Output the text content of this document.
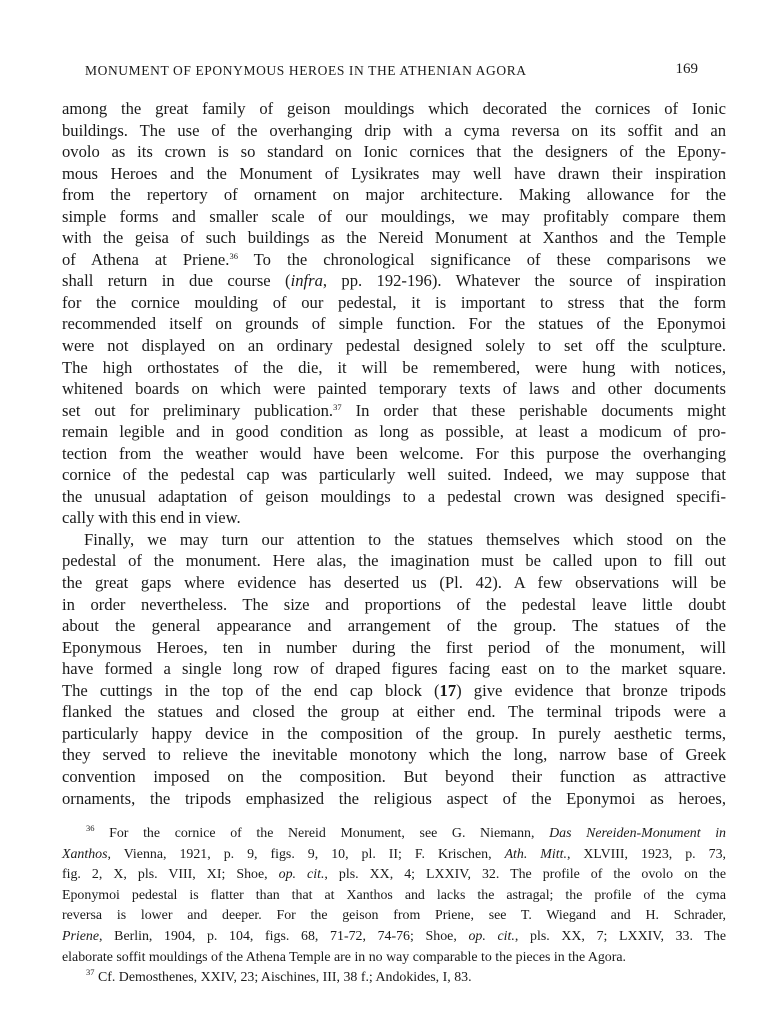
MONUMENT OF EPONYMOUS HEROES IN THE ATHENIAN AGORA	169
among the great family of geison mouldings which decorated the cornices of Ionic
buildings. The use of the overhanging drip with a cyma reversa on its soffit and an
ovolo as its crown is so standard on Ionic cornices that the designers of the Epony-
mous Heroes and the Monument of Lysikrates may well have drawn their inspiration
from the repertory of ornament on major architecture. Making allowance for the
simple forms and smaller scale of our mouldings, we may profitably compare them
with the geisa of such buildings as the Nereid Monument at Xanthos and the Temple
of Athena at Priene.$^{36}$ To the chronological significance of these comparisons we
shall return in due course (infra, pp. 192-196). Whatever the source of inspiration
for the cornice moulding of our pedestal, it is important to stress that the form
recommended itself on grounds of simple function. For the statues of the Eponymoi
were not displayed on an ordinary pedestal designed solely to set off the sculpture.
The high orthostates of the die, it will be remembered, were hung with notices,
whitened boards on which were painted temporary texts of laws and other documents
set out for preliminary publication.$^{37}$ In order that these perishable documents might
remain legible and in good condition as long as possible, at least a modicum of pro-
tection from the weather would have been welcome. For this purpose the overhanging
cornice of the pedestal cap was particularly well suited. Indeed, we may suppose that
the unusual adaptation of geison mouldings to a pedestal crown was designed specifi-
cally with this end in view.
Finally, we may turn our attention to the statues themselves which stood on the
pedestal of the monument. Here alas, the imagination must be called upon to fill out
the great gaps where evidence has deserted us (Pl. 42). A few observations will be
in order nevertheless. The size and proportions of the pedestal leave little doubt
about the general appearance and arrangement of the group. The statues of the
Eponymous Heroes, ten in number during the first period of the monument, will
have formed a single long row of draped figures facing east on to the market square.
The cuttings in the top of the end cap block (17) give evidence that bronze tripods
flanked the statues and closed the group at either end. The terminal tripods were a
particularly happy device in the composition of the group. In purely aesthetic terms,
they served to relieve the inevitable monotony which the long, narrow base of Greek
convention imposed on the composition. But beyond their function as attractive
ornaments, the tripods emphasized the religious aspect of the Eponymoi as heroes,
$^{36}$ For the cornice of the Nereid Monument, see G. Niemann, Das Nereiden-Monument in
Xanthos, Vienna, 1921, p. 9, figs. 9, 10, pl. II; F. Krischen, Ath. Mitt., XLVIII, 1923, p. 73,
fig. 2, X, pls. VIII, XI; Shoe, op. cit., pls. XX, 4; LXXIV, 32. The profile of the ovolo on the
Eponymoi pedestal is flatter than that at Xanthos and lacks the astragal; the profile of the cyma
reversa is lower and deeper. For the geison from Priene, see T. Wiegand and H. Schrader,
Priene, Berlin, 1904, p. 104, figs. 68, 71-72, 74-76; Shoe, op. cit., pls. XX, 7; LXXIV, 33. The
elaborate soffit mouldings of the Athena Temple are in no way comparable to the pieces in the Agora.
$^{37}$ Cf. Demosthenes, XXIV, 23; Aischines, III, 38 f.; Andokides, I, 83.
